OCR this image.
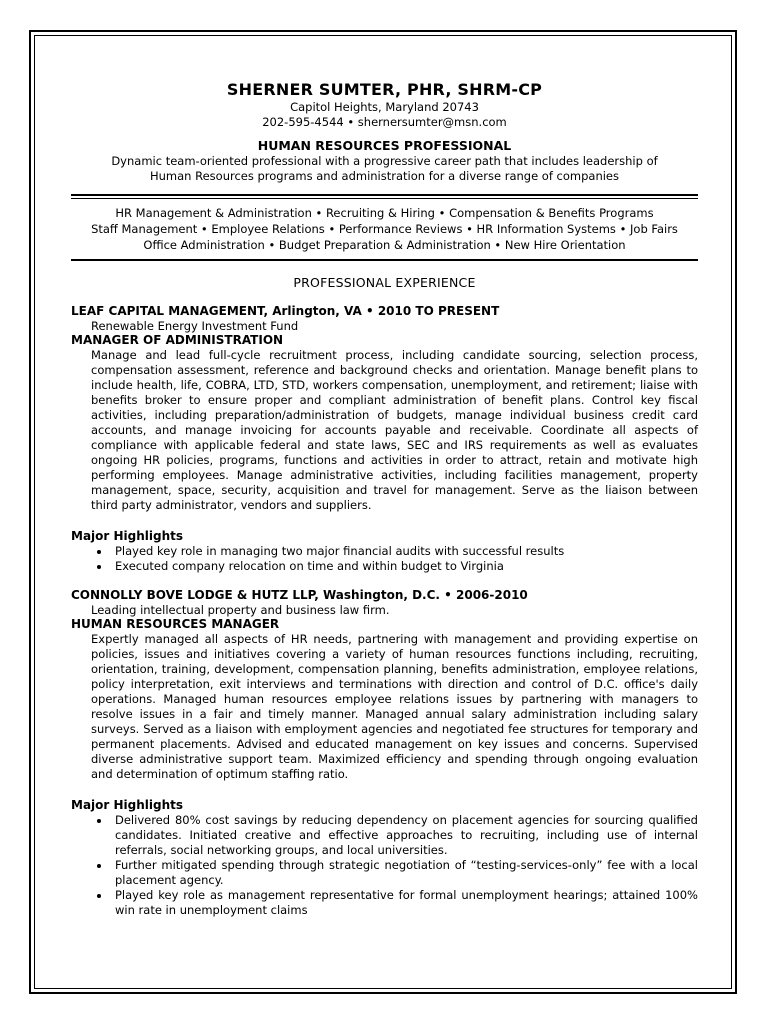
SHERNER SUMTER, PHR, SHRM-CP
Capitol Heights, Maryland 20743
202-595-4544 • shernersumter@msn.com
HUMAN RESOURCES PROFESSIONAL
Dynamic team-oriented professional with a progressive career path that includes leadership of Human Resources programs and administration for a diverse range of companies
HR Management & Administration • Recruiting & Hiring • Compensation & Benefits Programs
Staff Management • Employee Relations • Performance Reviews • HR Information Systems • Job Fairs
Office Administration • Budget Preparation & Administration • New Hire Orientation
PROFESSIONAL EXPERIENCE
LEAF CAPITAL MANAGEMENT, Arlington, VA • 2010 TO PRESENT
Renewable Energy Investment Fund
MANAGER OF ADMINISTRATION
Manage and lead full-cycle recruitment process, including candidate sourcing, selection process, compensation assessment, reference and background checks and orientation. Manage benefit plans to include health, life, COBRA, LTD, STD, workers compensation, unemployment, and retirement; liaise with benefits broker to ensure proper and compliant administration of benefit plans. Control key fiscal activities, including preparation/administration of budgets, manage individual business credit card accounts, and manage invoicing for accounts payable and receivable. Coordinate all aspects of compliance with applicable federal and state laws, SEC and IRS requirements as well as evaluates ongoing HR policies, programs, functions and activities in order to attract, retain and motivate high performing employees. Manage administrative activities, including facilities management, property management, space, security, acquisition and travel for management. Serve as the liaison between third party administrator, vendors and suppliers.
Major Highlights
• Played key role in managing two major financial audits with successful results
• Executed company relocation on time and within budget to Virginia
CONNOLLY BOVE LODGE & HUTZ LLP, Washington, D.C. • 2006-2010
Leading intellectual property and business law firm.
HUMAN RESOURCES MANAGER
Expertly managed all aspects of HR needs, partnering with management and providing expertise on policies, issues and initiatives covering a variety of human resources functions including, recruiting, orientation, training, development, compensation planning, benefits administration, employee relations, policy interpretation, exit interviews and terminations with direction and control of D.C. office's daily operations. Managed human resources employee relations issues by partnering with managers to resolve issues in a fair and timely manner. Managed annual salary administration including salary surveys. Served as a liaison with employment agencies and negotiated fee structures for temporary and permanent placements. Advised and educated management on key issues and concerns. Supervised diverse administrative support team. Maximized efficiency and spending through ongoing evaluation and determination of optimum staffing ratio.
Major Highlights
• Delivered 80% cost savings by reducing dependency on placement agencies for sourcing qualified candidates. Initiated creative and effective approaches to recruiting, including use of internal referrals, social networking groups, and local universities.
• Further mitigated spending through strategic negotiation of “testing-services-only” fee with a local placement agency.
• Played key role as management representative for formal unemployment hearings; attained 100% win rate in unemployment claims
